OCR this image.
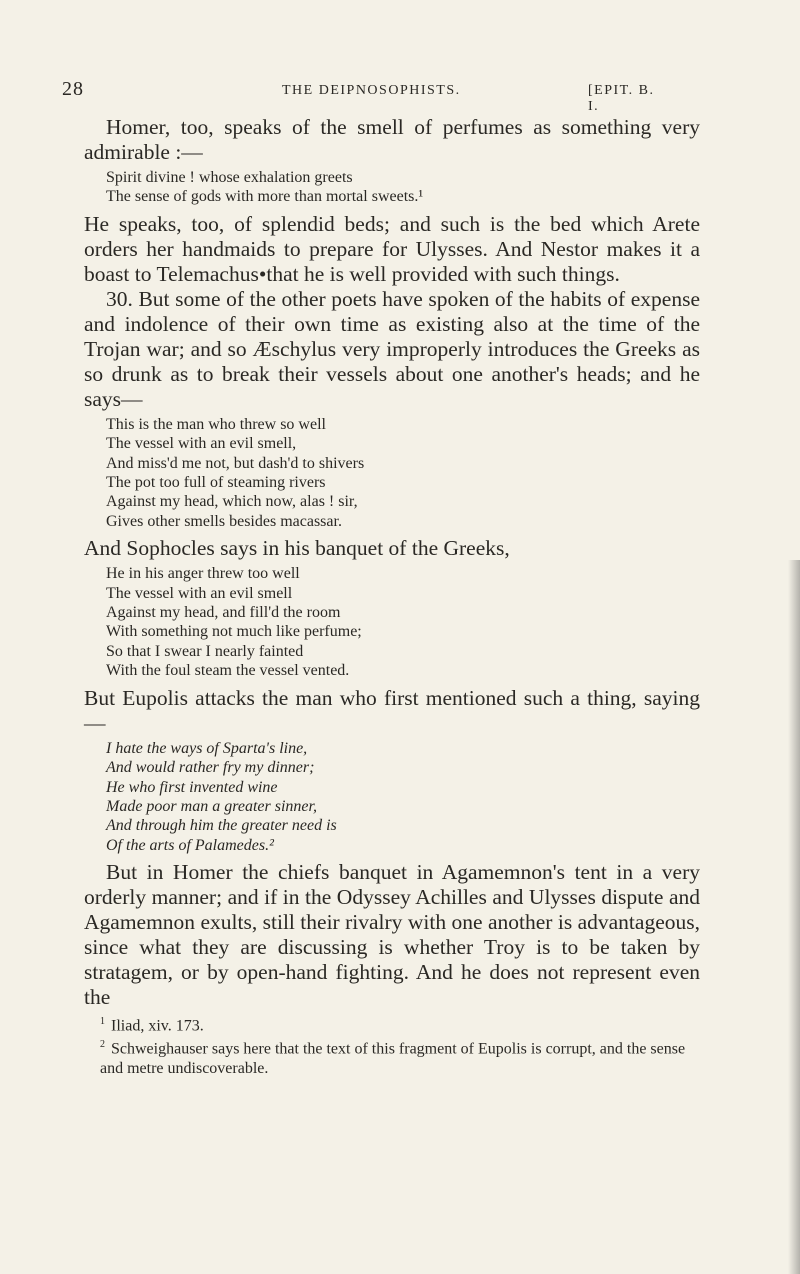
28	THE DEIPNOSOPHISTS.	[EPIT. B. I.

Homer, too, speaks of the smell of perfumes as something very admirable :—

Spirit divine ! whose exhalation greets
The sense of gods with more than mortal sweets.¹

He speaks, too, of splendid beds; and such is the bed which Arete orders her handmaids to prepare for Ulysses. And Nestor makes it a boast to Telemachus•that he is well provided with such things.

30. But some of the other poets have spoken of the habits of expense and indolence of their own time as existing also at the time of the Trojan war; and so Æschylus very improperly introduces the Greeks as so drunk as to break their vessels about one another's heads; and he says—

This is the man who threw so well
The vessel with an evil smell,
And miss'd me not, but dash'd to shivers
The pot too full of steaming rivers
Against my head, which now, alas ! sir,
Gives other smells besides macassar.

And Sophocles says in his banquet of the Greeks,

He in his anger threw too well
The vessel with an evil smell
Against my head, and fill'd the room
With something not much like perfume;
So that I swear I nearly fainted
With the foul steam the vessel vented.

But Eupolis attacks the man who first mentioned such a thing, saying—

I hate the ways of Sparta's line,
And would rather fry my dinner;
He who first invented wine
Made poor man a greater sinner,
And through him the greater need is
Of the arts of Palamedes.²

But in Homer the chiefs banquet in Agamemnon's tent in a very orderly manner; and if in the Odyssey Achilles and Ulysses dispute and Agamemnon exults, still their rivalry with one another is advantageous, since what they are discussing is whether Troy is to be taken by stratagem, or by open-hand fighting. And he does not represent even the

$^1$ Iliad, xiv. 173.

$^2$ Schweighauser says here that the text of this fragment of Eupolis is corrupt, and the sense and metre undiscoverable.
